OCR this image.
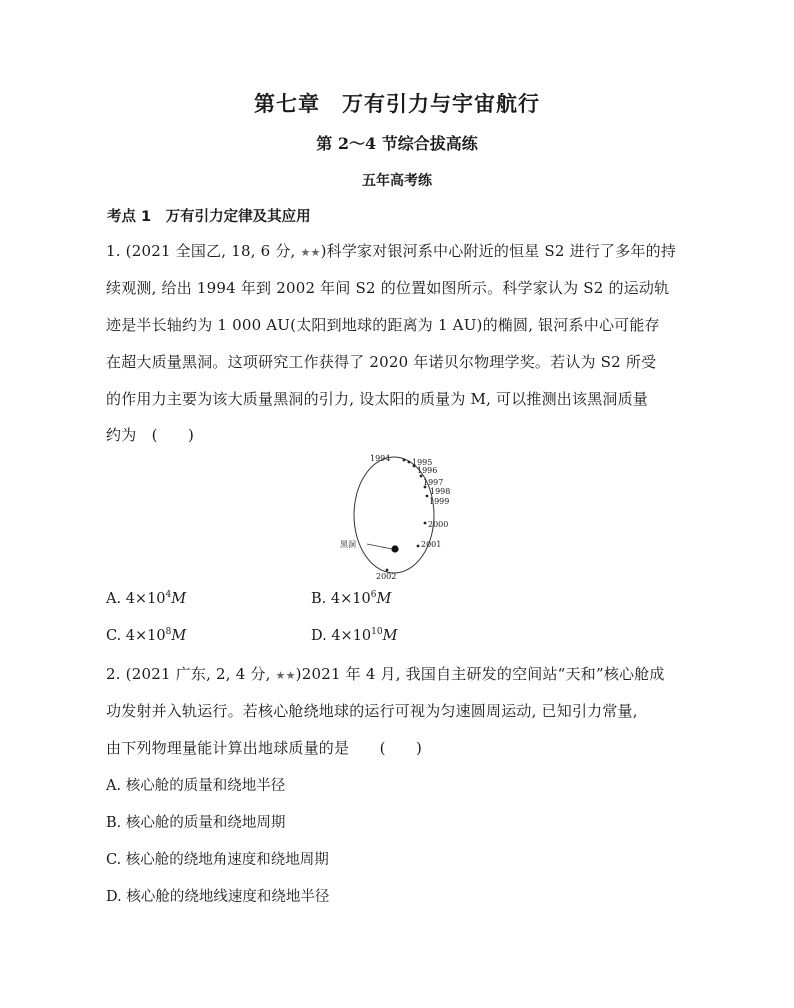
第七章　万有引力与宇宙航行
第 2～4 节综合拔高练
五年高考练
考点 1　万有引力定律及其应用
1. (2021 全国乙, 18, 6 分, ★★)科学家对银河系中心附近的恒星 S2 进行了多年的持
续观测, 给出 1994 年到 2002 年间 S2 的位置如图所示。科学家认为 S2 的运动轨
迹是半长轴约为 1 000 AU(太阳到地球的距离为 1 AU)的椭圆, 银河系中心可能存
在超大质量黑洞。这项研究工作获得了 2020 年诺贝尔物理学奖。若认为 S2 所受
的作用力主要为该大质量黑洞的引力, 设太阳的质量为 M, 可以推测出该黑洞质量
约为　(　　)
黑洞
1994	1995
1996
1997
1998
1999
2000
2001
2002
A. $4\times 10^4M$	B. $4\times 10^6M$
C. $4\times 10^8M$	D. $4\times 10^{10}M$
2. (2021 广东, 2, 4 分, ★★)2021 年 4 月, 我国自主研发的空间站“天和”核心舱成
功发射并入轨运行。若核心舱绕地球的运行可视为匀速圆周运动, 已知引力常量,
由下列物理量能计算出地球质量的是　　(　　)
A. 核心舱的质量和绕地半径
B. 核心舱的质量和绕地周期
C. 核心舱的绕地角速度和绕地周期
D. 核心舱的绕地线速度和绕地半径
